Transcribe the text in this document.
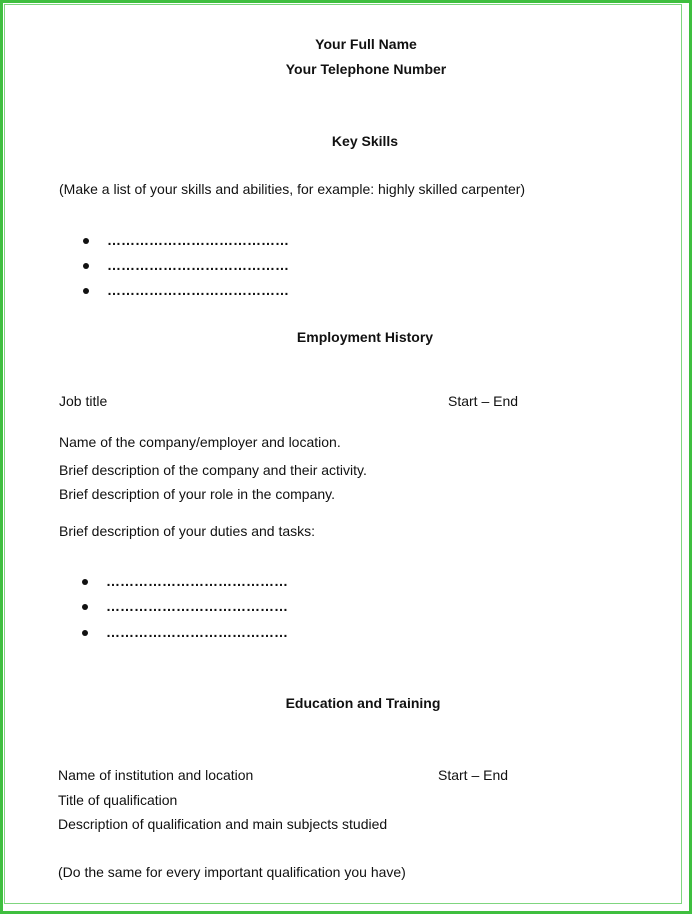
Your Full Name
Your Telephone Number
Key Skills
(Make a list of your skills and abilities, for example: highly skilled carpenter)
…………………………………
…………………………………
…………………………………
Employment History
Job title	Start – End
Name of the company/employer and location.
Brief description of the company and their activity.
Brief description of your role in the company.
Brief description of your duties and tasks:
…………………………………
…………………………………
…………………………………
Education and Training
Name of institution and location	Start – End
Title of qualification
Description of qualification and main subjects studied
(Do the same for every important qualification you have)
